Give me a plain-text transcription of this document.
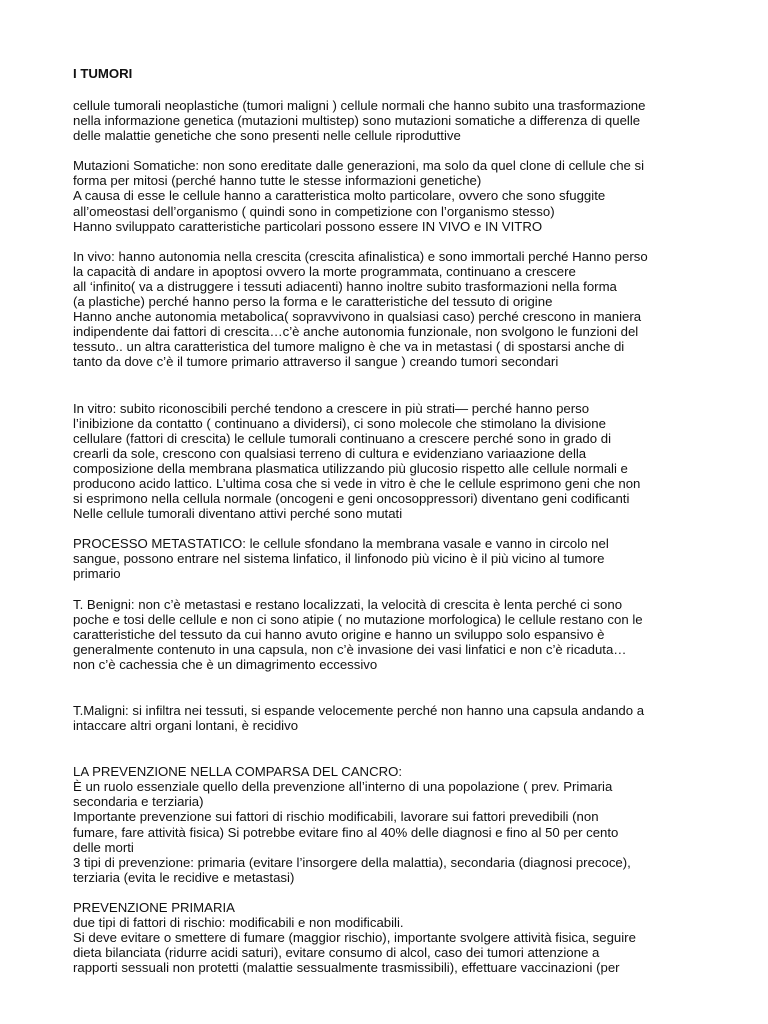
I TUMORI
cellule tumorali neoplastiche (tumori maligni ) cellule normali che hanno subito una trasformazione
nella informazione genetica (mutazioni multistep) sono mutazioni somatiche a differenza di quelle
delle malattie genetiche che sono presenti nelle cellule riproduttive
Mutazioni Somatiche: non sono ereditate dalle generazioni, ma solo da quel clone di cellule che si
forma per mitosi (perché hanno tutte le stesse informazioni genetiche)
A causa di esse le cellule hanno a caratteristica molto particolare, ovvero che sono sfuggite
all’omeostasi dell’organismo ( quindi sono in competizione con l’organismo stesso)
Hanno sviluppato caratteristiche particolari possono essere IN VIVO e IN VITRO
In vivo: hanno autonomia nella crescita (crescita afinalistica) e sono immortali perché Hanno perso
la capacità di andare in apoptosi ovvero la morte programmata, continuano a crescere
all ‘infinito( va a distruggere i tessuti adiacenti) hanno inoltre subito trasformazioni nella forma
(a plastiche) perché hanno perso la forma e le caratteristiche del tessuto di origine
Hanno anche autonomia metabolica( sopravvivono in qualsiasi caso) perché crescono in maniera
indipendente dai fattori di crescita…c’è anche autonomia funzionale, non svolgono le funzioni del
tessuto.. un altra caratteristica del tumore maligno è che va in metastasi ( di spostarsi anche di
tanto da dove c’è il tumore primario attraverso il sangue ) creando tumori secondari
In vitro: subito riconoscibili perché tendono a crescere in più strati— perché hanno perso
l’inibizione da contatto ( continuano a dividersi), ci sono molecole che stimolano la divisione
cellulare (fattori di crescita) le cellule tumorali continuano a crescere perché sono in grado di
crearli da sole, crescono con qualsiasi terreno di cultura e evidenziano variaazione della
composizione della membrana plasmatica utilizzando più glucosio rispetto alle cellule normali e
producono acido lattico. L’ultima cosa che si vede in vitro è che le cellule esprimono geni che non
si esprimono nella cellula normale (oncogeni e geni oncosoppressori) diventano geni codificanti
Nelle cellule tumorali diventano attivi perché sono mutati
PROCESSO METASTATICO: le cellule sfondano la membrana vasale e vanno in circolo nel
sangue, possono entrare nel sistema linfatico, il linfonodo più vicino è il più vicino al tumore
primario
T. Benigni: non c’è metastasi e restano localizzati, la velocità di crescita è lenta perché ci sono
poche e tosi delle cellule e non ci sono atipie ( no mutazione morfologica) le cellule restano con le
caratteristiche del tessuto da cui hanno avuto origine e hanno un sviluppo solo espansivo è
generalmente contenuto in una capsula, non c’è invasione dei vasi linfatici e non c’è ricaduta…
non c’è cachessia che è un dimagrimento eccessivo
T.Maligni: si infiltra nei tessuti, si espande velocemente perché non hanno una capsula andando a
intaccare altri organi lontani, è recidivo
LA PREVENZIONE NELLA COMPARSA DEL CANCRO:
È un ruolo essenziale quello della prevenzione all’interno di una popolazione ( prev. Primaria
secondaria e terziaria)
Importante prevenzione sui fattori di rischio modificabili, lavorare sui fattori prevedibili (non
fumare, fare attività fisica) Si potrebbe evitare fino al 40% delle diagnosi e fino al 50 per cento
delle morti
3 tipi di prevenzione: primaria (evitare l’insorgere della malattia), secondaria (diagnosi precoce),
terziaria (evita le recidive e metastasi)
PREVENZIONE PRIMARIA
due tipi di fattori di rischio: modificabili e non modificabili.
Si deve evitare o smettere di fumare (maggior rischio), importante svolgere attività fisica, seguire
dieta bilanciata (ridurre acidi saturi), evitare consumo di alcol, caso dei tumori attenzione a
rapporti sessuali non protetti (malattie sessualmente trasmissibili), effettuare vaccinazioni (per
